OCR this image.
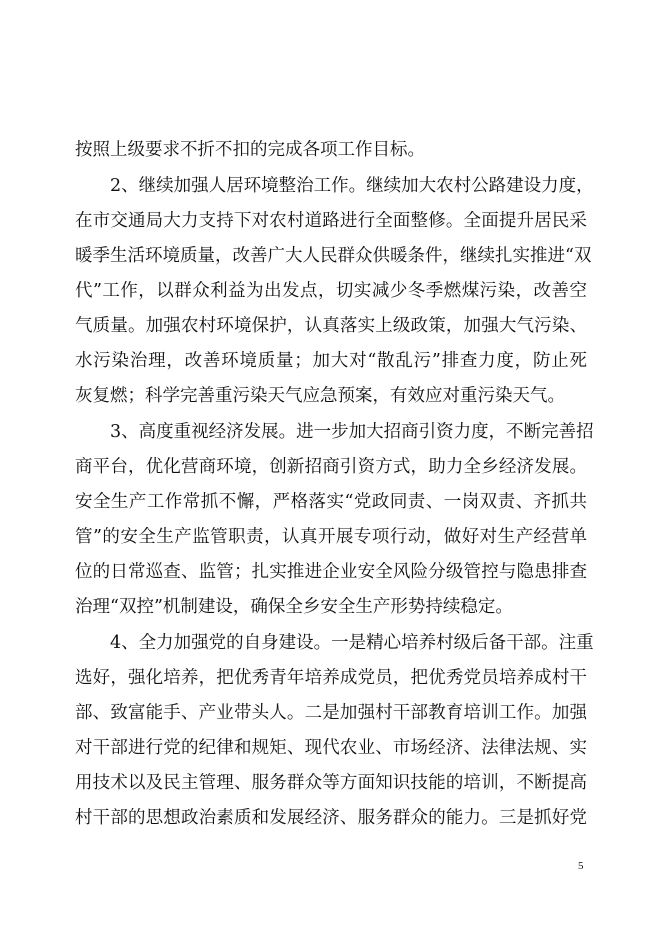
按照上级要求不折不扣的完成各项工作目标。
2、继续加强人居环境整治工作。继续加大农村公路建设力度，
在市交通局大力支持下对农村道路进行全面整修。全面提升居民采
暖季生活环境质量，改善广大人民群众供暖条件，继续扎实推进“双
代”工作，以群众利益为出发点，切实减少冬季燃煤污染，改善空
气质量。加强农村环境保护，认真落实上级政策，加强大气污染、
水污染治理，改善环境质量；加大对“散乱污”排查力度，防止死
灰复燃；科学完善重污染天气应急预案，有效应对重污染天气。
3、高度重视经济发展。进一步加大招商引资力度，不断完善招
商平台，优化营商环境，创新招商引资方式，助力全乡经济发展。
安全生产工作常抓不懈，严格落实“党政同责、一岗双责、齐抓共
管”的安全生产监管职责，认真开展专项行动，做好对生产经营单
位的日常巡查、监管；扎实推进企业安全风险分级管控与隐患排查
治理“双控”机制建设，确保全乡安全生产形势持续稳定。
4、全力加强党的自身建设。一是精心培养村级后备干部。注重
选好，强化培养，把优秀青年培养成党员，把优秀党员培养成村干
部、致富能手、产业带头人。二是加强村干部教育培训工作。加强
对干部进行党的纪律和规矩、现代农业、市场经济、法律法规、实
用技术以及民主管理、服务群众等方面知识技能的培训，不断提高
村干部的思想政治素质和发展经济、服务群众的能力。三是抓好党
5
